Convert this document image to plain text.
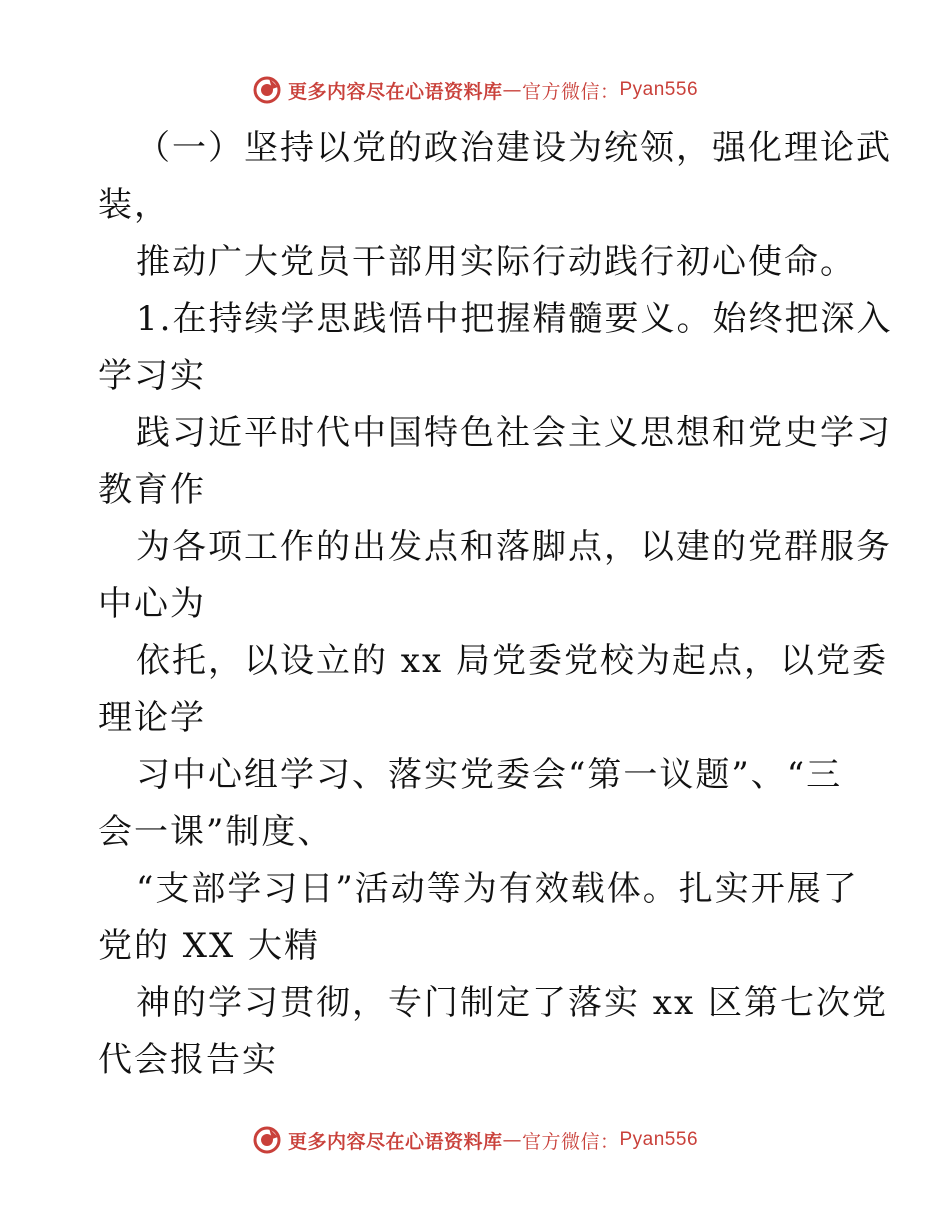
更多内容尽在心语资料库 — 官方微信： Pyan556
（一）坚持以党的政治建设为统领，强化理论武
装，
推动广大党员干部用实际行动践行初心使命。
1.在持续学思践悟中把握精髓要义。始终把深入
学习实
践习近平时代中国特色社会主义思想和党史学习
教育作
为各项工作的出发点和落脚点，以建的党群服务
中心为
依托，以设立的 xx 局党委党校为起点，以党委
理论学
习中心组学习、落实党委会“第一议题”、“三
会一课”制度、
“支部学习日”活动等为有效载体。扎实开展了
党的 XX 大精
神的学习贯彻，专门制定了落实 xx 区第七次党
代会报告实
更多内容尽在心语资料库 — 官方微信： Pyan556
